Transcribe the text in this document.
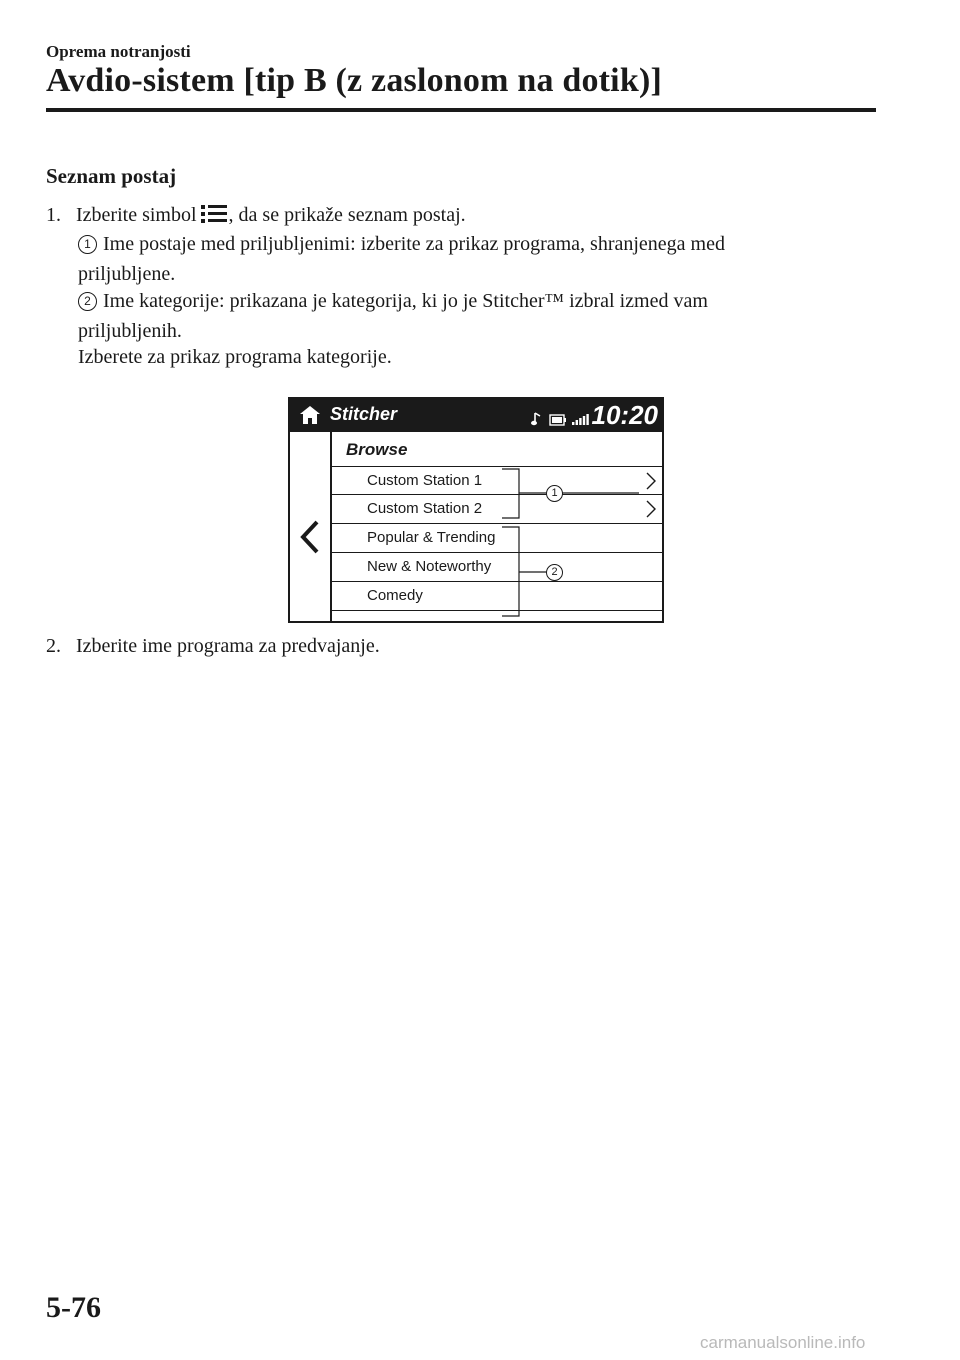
Oprema notranjosti
Avdio-sistem [tip B (z zaslonom na dotik)]
Seznam postaj
1. Izberite simbol , da se prikaže seznam postaj.
1 Ime postaje med priljubljenimi: izberite za prikaz programa, shranjenega med
priljubljene.
2 Ime kategorije: prikazana je kategorija, ki jo je Stitcher™ izbral izmed vam
priljubljenih.
Izberete za prikaz programa kategorije.
Stitcher	10:20
Browse
Custom Station 1
Custom Station 2
Popular & Trending
New & Noteworthy
Comedy
1
2
2. Izberite ime programa za predvajanje.
5-76
carmanualsonline.info
